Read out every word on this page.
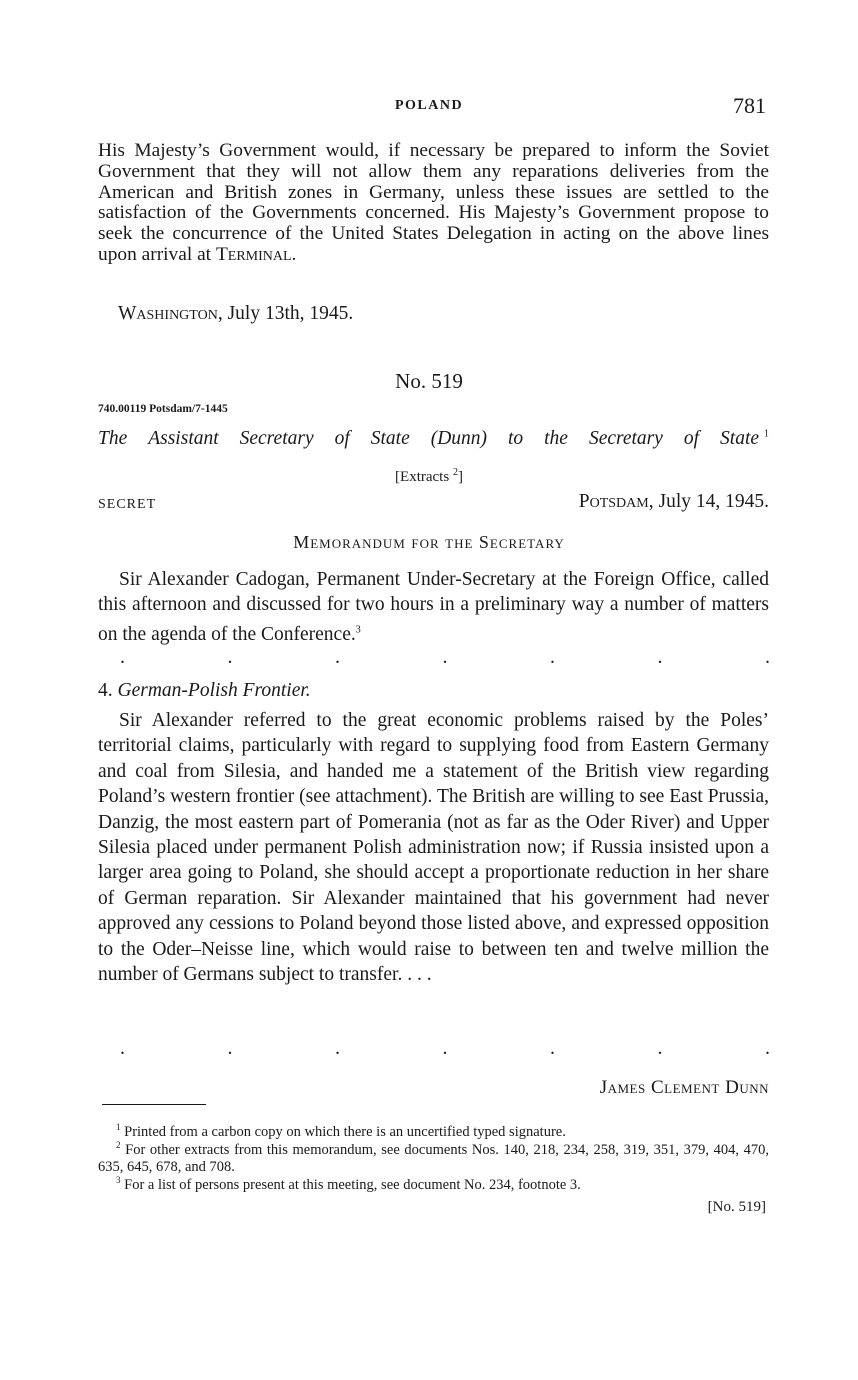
POLAND	781
His Majesty’s Government would, if necessary be prepared to inform the Soviet Government that they will not allow them any reparations deliveries from the American and British zones in Germany, unless these issues are settled to the satisfaction of the Governments concerned. His Majesty’s Government propose to seek the concurrence of the United States Delegation in acting on the above lines upon arrival at Terminal.
Washington, July 13th, 1945.
No. 519
740.00119 Potsdam/7-1445
The Assistant Secretary of State (Dunn) to the Secretary of State $^1$
[Extracts $^2$]
SECRET	Potsdam, July 14, 1945.
Memorandum for the Secretary
Sir Alexander Cadogan, Permanent Under-Secretary at the Foreign Office, called this afternoon and discussed for two hours in a preliminary way a number of matters on the agenda of the Conference.$^3$
.	.	.	.	.	.	.
4. German-Polish Frontier.
Sir Alexander referred to the great economic problems raised by the Poles’ territorial claims, particularly with regard to supplying food from Eastern Germany and coal from Silesia, and handed me a statement of the British view regarding Poland’s western frontier (see attachment). The British are willing to see East Prussia, Danzig, the most eastern part of Pomerania (not as far as the Oder River) and Upper Silesia placed under permanent Polish administration now; if Russia insisted upon a larger area going to Poland, she should accept a proportionate reduction in her share of German reparation. Sir Alexander maintained that his government had never approved any cessions to Poland beyond those listed above, and expressed opposition to the Oder–Neisse line, which would raise to between ten and twelve million the number of Germans subject to transfer. . . .
.	.	.	.	.	.	.
James Clement Dunn
$^1$ Printed from a carbon copy on which there is an uncertified typed signature.
$^2$ For other extracts from this memorandum, see documents Nos. 140, 218, 234, 258, 319, 351, 379, 404, 470, 635, 645, 678, and 708.
$^3$ For a list of persons present at this meeting, see document No. 234, footnote 3.
[No. 519]
